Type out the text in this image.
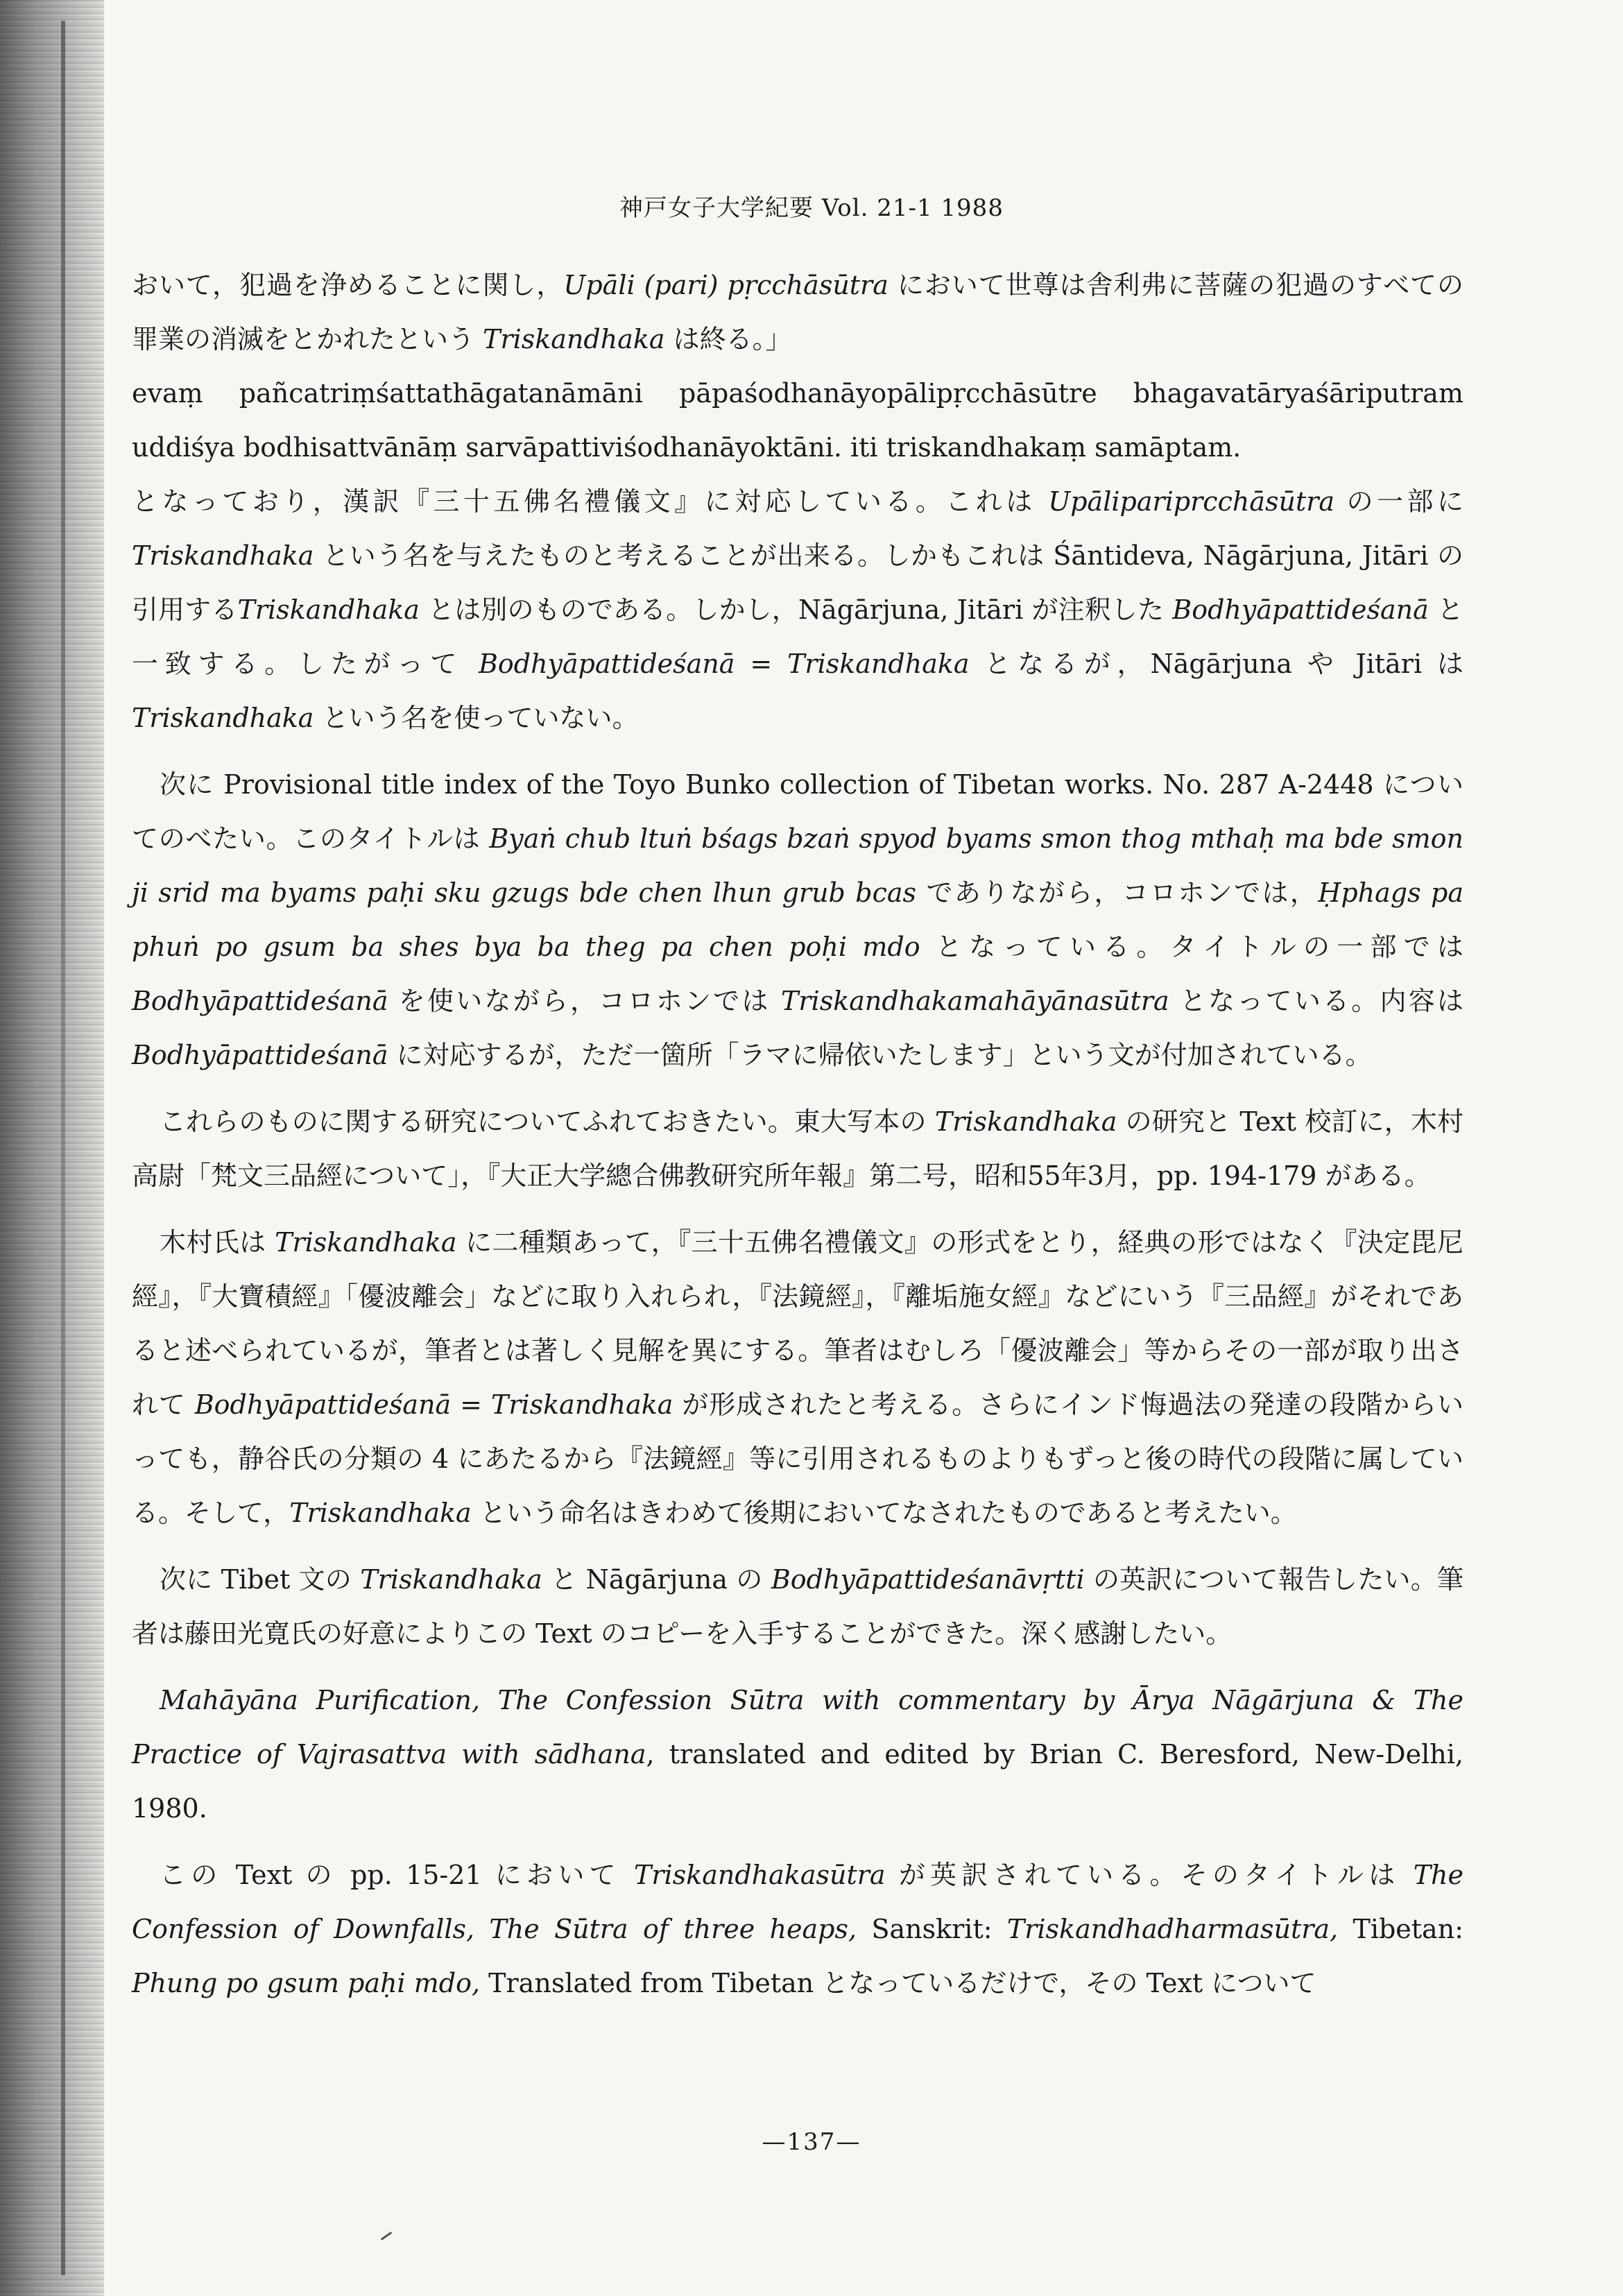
神戸女子大学紀要 Vol. 21-1 1988

おいて，犯過を浄めることに関し，Upāli (pari) pṛcchāsūtra において世尊は舎利弗に菩薩の犯過のすべての罪業の消滅をとかれたという Triskandhaka は終る。」

evaṃ pañcatriṃśattathāgatanāmāni pāpaśodhanāyopālipṛcchāsūtre bhagavatāryaśāriputram uddiśya bodhisattvānāṃ sarvāpattiviśodhanāyoktāni. iti triskandhakaṃ samāptam.

となっており，漢訳『三十五佛名禮儀文』に対応している。これは Upālipariprcchāsūtra の一部に Triskandhaka という名を与えたものと考えることが出来る。しかもこれは Śāntideva, Nāgārjuna, Jitāri の引用するTriskandhaka とは別のものである。しかし，Nāgārjuna, Jitāri が注釈した Bodhyāpattideśanā と一致する。したがって Bodhyāpattideśanā = Triskandhaka となるが，Nāgārjuna や Jitāri は Triskandhaka という名を使っていない。

次に Provisional title index of the Toyo Bunko collection of Tibetan works. No. 287 A-2448 についてのべたい。このタイトルは Byaṅ chub ltuṅ bśags bzaṅ spyod byams smon thog mthaḥ ma bde smon ji srid ma byams paḥi sku gzugs bde chen lhun grub bcas でありながら，コロホンでは，Ḥphags pa phuṅ po gsum ba shes bya ba theg pa chen poḥi mdo となっている。タイトルの一部では Bodhyāpattideśanā を使いながら，コロホンでは Triskandhakamahāyānasūtra となっている。内容は Bodhyāpattideśanā に対応するが，ただ一箇所「ラマに帰依いたします」という文が付加されている。

これらのものに関する研究についてふれておきたい。東大写本の Triskandhaka の研究と Text 校訂に，木村高尉「梵文三品經について」，『大正大学總合佛教研究所年報』第二号，昭和55年3月，pp. 194-179 がある。

木村氏は Triskandhaka に二種類あって，『三十五佛名禮儀文』の形式をとり，経典の形ではなく『決定毘尼經』，『大寶積經』「優波離会」などに取り入れられ，『法鏡經』，『離垢施女經』などにいう『三品經』がそれであると述べられているが，筆者とは著しく見解を異にする。筆者はむしろ「優波離会」等からその一部が取り出されて Bodhyāpattideśanā = Triskandhaka が形成されたと考える。さらにインド悔過法の発達の段階からいっても，静谷氏の分類の 4 にあたるから『法鏡經』等に引用されるものよりもずっと後の時代の段階に属している。そして，Triskandhaka という命名はきわめて後期においてなされたものであると考えたい。

次に Tibet 文の Triskandhaka と Nāgārjuna の Bodhyāpattideśanāvṛtti の英訳について報告したい。筆者は藤田光寛氏の好意によりこの Text のコピーを入手することができた。深く感謝したい。

Mahāyāna Purification, The Confession Sūtra with commentary by Ārya Nāgārjuna & The Practice of Vajrasattva with sādhana, translated and edited by Brian C. Beresford, New-Delhi, 1980.

この Text の pp. 15-21 において Triskandhakasūtra が英訳されている。そのタイトルは The Confession of Downfalls, The Sūtra of three heaps, Sanskrit: Triskandhadharmasūtra, Tibetan: Phung po gsum paḥi mdo, Translated from Tibetan となっているだけで，その Text について

—137—
